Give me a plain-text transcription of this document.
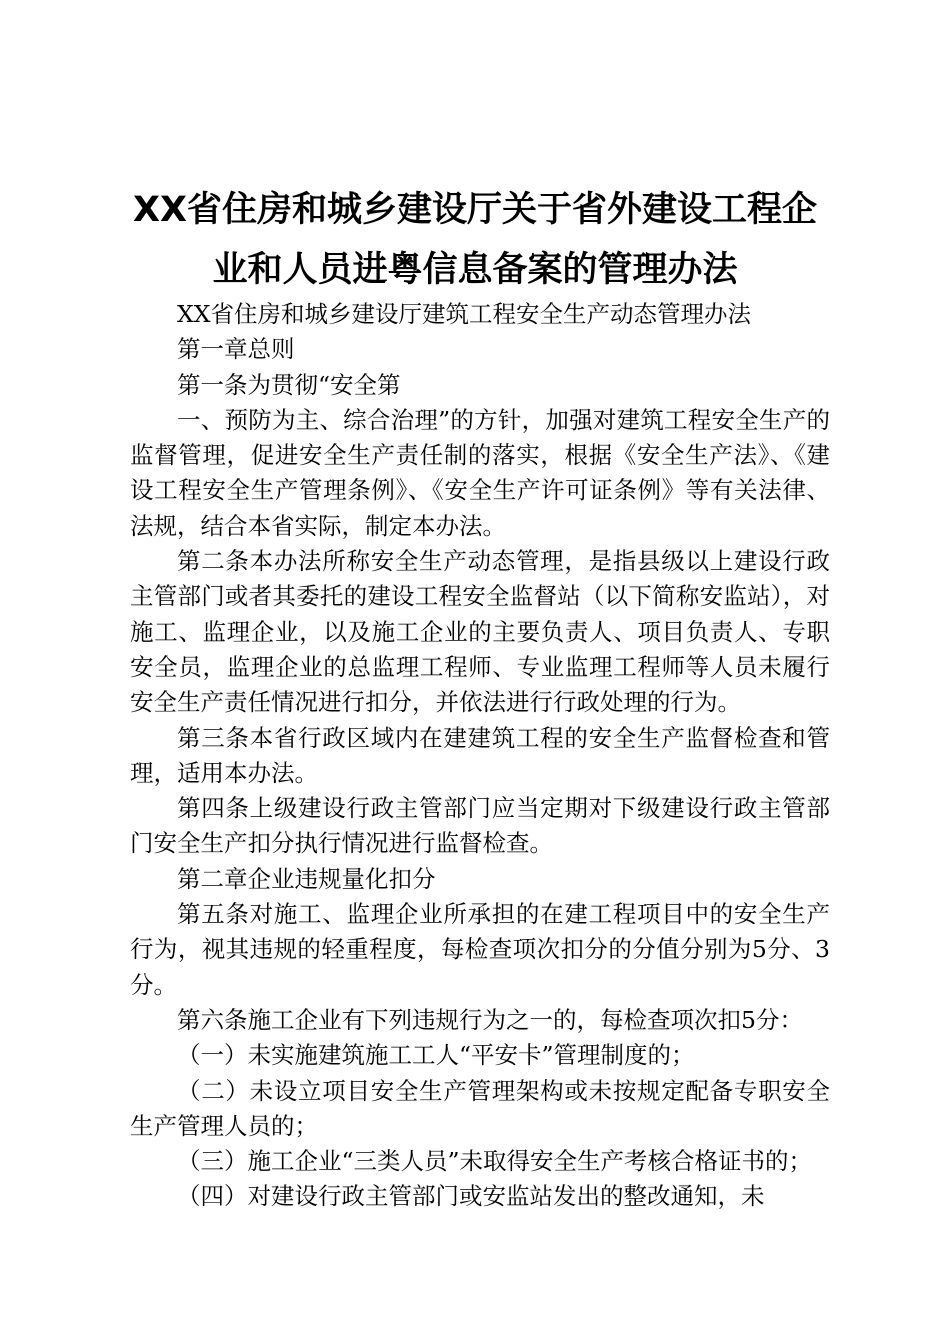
XX省住房和城乡建设厅关于省外建设工程企
业和人员进粤信息备案的管理办法

XX省住房和城乡建设厅建筑工程安全生产动态管理办法

第一章总则

第一条为贯彻“安全第

一、预防为主、综合治理”的方针，加强对建筑工程安全生产的监督管理，促进安全生产责任制的落实，根据《安全生产法》、《建设工程安全生产管理条例》、《安全生产许可证条例》等有关法律、法规，结合本省实际，制定本办法。

第二条本办法所称安全生产动态管理，是指县级以上建设行政主管部门或者其委托的建设工程安全监督站（以下简称安监站），对施工、监理企业，以及施工企业的主要负责人、项目负责人、专职安全员，监理企业的总监理工程师、专业监理工程师等人员未履行安全生产责任情况进行扣分，并依法进行行政处理的行为。

第三条本省行政区域内在建建筑工程的安全生产监督检查和管理，适用本办法。

第四条上级建设行政主管部门应当定期对下级建设行政主管部门安全生产扣分执行情况进行监督检查。

第二章企业违规量化扣分

第五条对施工、监理企业所承担的在建工程项目中的安全生产行为，视其违规的轻重程度，每检查项次扣分的分值分别为5分、3分。

第六条施工企业有下列违规行为之一的，每检查项次扣5分：

（一）未实施建筑施工工人“平安卡”管理制度的；

（二）未设立项目安全生产管理架构或未按规定配备专职安全生产管理人员的；

（三）施工企业“三类人员”未取得安全生产考核合格证书的；

（四）对建设行政主管部门或安监站发出的整改通知，未
